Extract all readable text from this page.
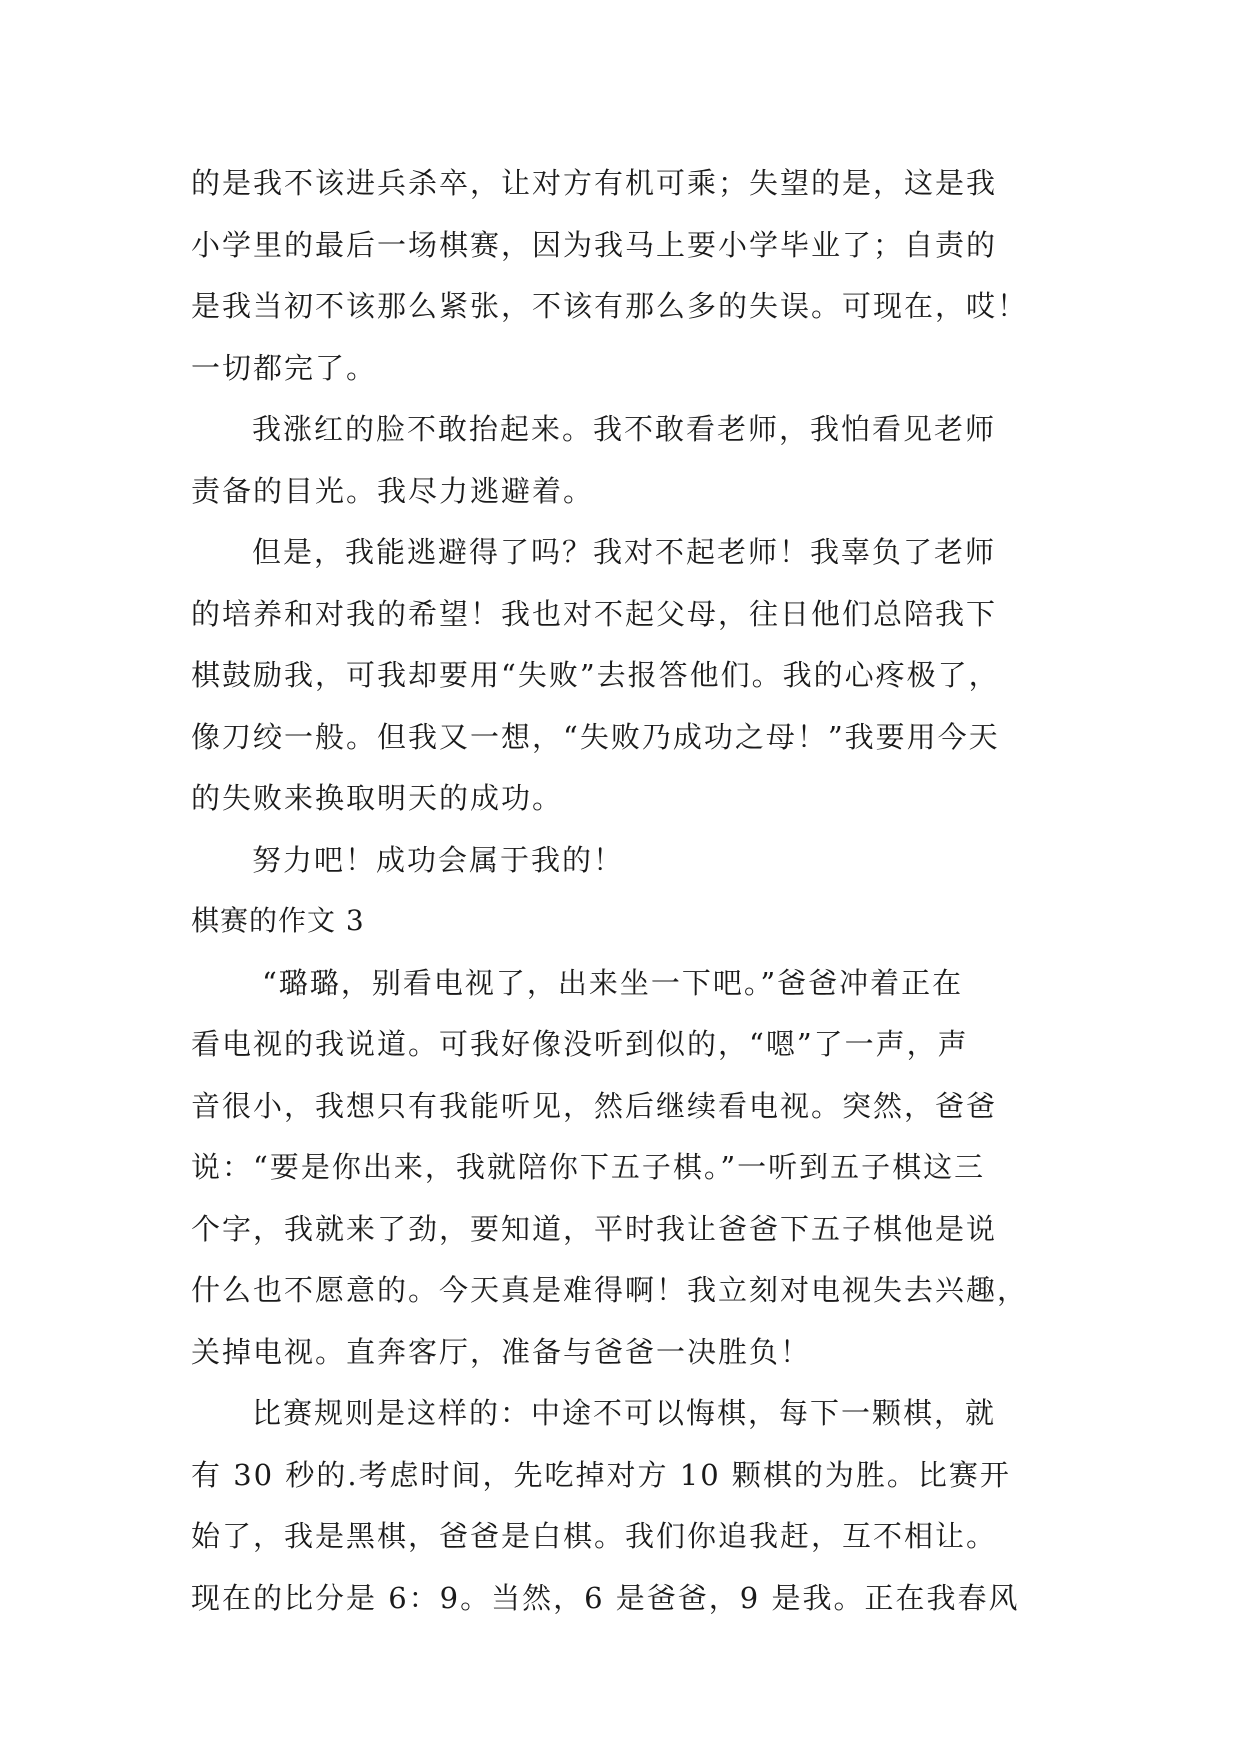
的是我不该进兵杀卒，让对方有机可乘；失望的是，这是我
小学里的最后一场棋赛，因为我马上要小学毕业了；自责的
是我当初不该那么紧张，不该有那么多的失误。可现在，哎！
一切都完了。
我涨红的脸不敢抬起来。我不敢看老师，我怕看见老师
责备的目光。我尽力逃避着。
但是，我能逃避得了吗？我对不起老师！我辜负了老师
的培养和对我的希望！我也对不起父母，往日他们总陪我下
棋鼓励我，可我却要用“失败”去报答他们。我的心疼极了，
像刀绞一般。但我又一想，“失败乃成功之母！”我要用今天
的失败来换取明天的成功。
努力吧！成功会属于我的！
棋赛的作文 3
“璐璐，别看电视了，出来坐一下吧。”爸爸冲着正在
看电视的我说道。可我好像没听到似的，“嗯”了一声，声
音很小，我想只有我能听见，然后继续看电视。突然，爸爸
说：“要是你出来，我就陪你下五子棋。”一听到五子棋这三
个字，我就来了劲，要知道，平时我让爸爸下五子棋他是说
什么也不愿意的。今天真是难得啊！我立刻对电视失去兴趣，
关掉电视。直奔客厅，准备与爸爸一决胜负！
比赛规则是这样的：中途不可以悔棋，每下一颗棋，就
有 30 秒的.考虑时间，先吃掉对方 10 颗棋的为胜。比赛开
始了，我是黑棋，爸爸是白棋。我们你追我赶，互不相让。
现在的比分是 6：9。当然，6 是爸爸，9 是我。正在我春风
